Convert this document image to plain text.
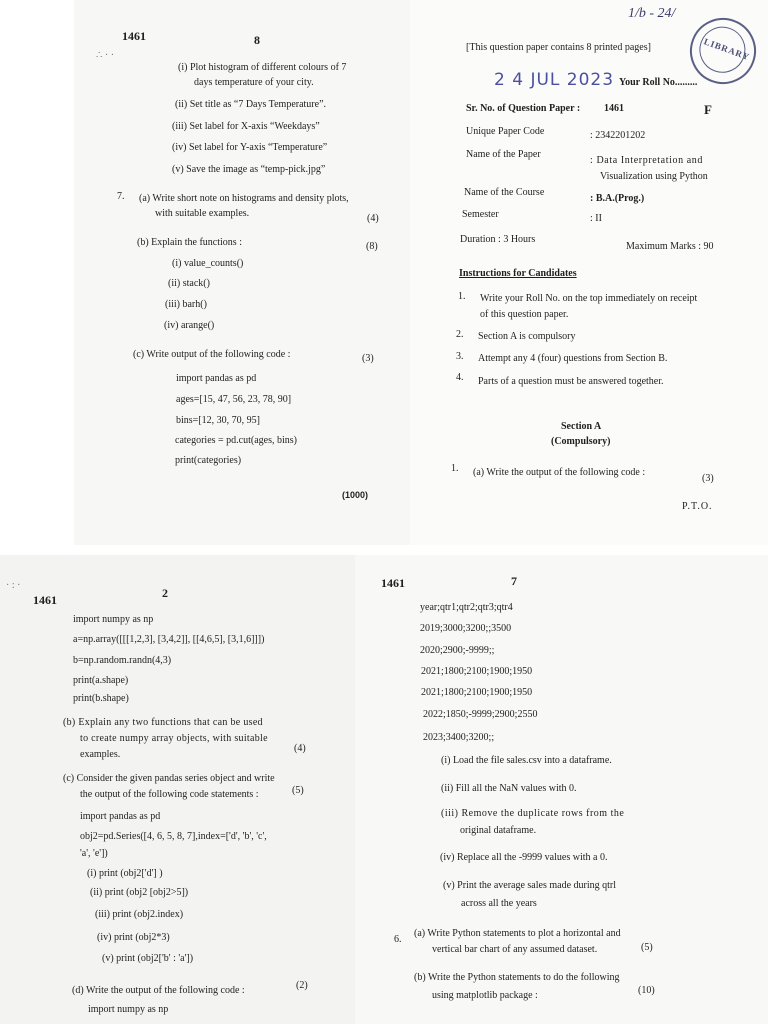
1461	8
∴ · ·
(i) Plot histogram of different colours of 7
days temperature of your city.
(ii) Set title as “7 Days Temperature”.
(iii) Set label for X-axis “Weekdays”
(iv) Set label for Y-axis “Temperature”
(v) Save the image as “temp-pick.jpg”
7. (a) Write short note on histograms and density plots,
with suitable examples.	(4)
(b) Explain the functions :	(8)
(i) value_counts()
(ii) stack()
(iii) barh()
(iv) arange()
(c) Write output of the following code :	(3)
import pandas as pd
ages=[15, 47, 56, 23, 78, 90]
bins=[12, 30, 70, 95]
categories = pd.cut(ages, bins)
print(categories)
(1000)
1/b - 24/
LIBRARY
[This question paper contains 8 printed pages]
2 4 JUL 2023 Your Roll No.........
Sr. No. of Question Paper : 1461	F
Unique Paper Code	: 2342201202
Name of the Paper
: Data Interpretation and
Visualization using Python
Name of the Course
: B.A.(Prog.)
Semester	: II
Duration : 3 Hours
Maximum Marks : 90
Instructions for Candidates
1. Write your Roll No. on the top immediately on receipt
of this question paper.
2. Section A is compulsory
3. Attempt any 4 (four) questions from Section B.
4. Parts of a question must be answered together.
Section A
(Compulsory)
1. (a) Write the output of the following code :
(3)
P.T.O.
· : ·
1461	2
import numpy as np
a=np.array([[[1,2,3], [3,4,2]], [[4,6,5], [3,1,6]]])
b=np.random.randn(4,3)
print(a.shape)
print(b.shape)
(b) Explain any two functions that can be used
to create numpy array objects, with suitable
examples.
(4)
(c) Consider the given pandas series object and write
the output of the following code statements :	(5)
import pandas as pd
obj2=pd.Series([4, 6, 5, 8, 7],index=['d', 'b', 'c',
'a', 'e'])
(i) print (obj2['d'] )
(ii) print (obj2 [obj2>5])
(iii) print (obj2.index)
(iv) print (obj2*3)
(v) print (obj2['b' : 'a'])
(d) Write the output of the following code :	(2)
import numpy as np
1461	7
year;qtr1;qtr2;qtr3;qtr4
2019;3000;3200;;3500
2020;2900;-9999;;
2021;1800;2100;1900;1950
2021;1800;2100;1900;1950
2022;1850;-9999;2900;2550
2023;3400;3200;;
(i) Load the file sales.csv into a dataframe.
(ii) Fill all the NaN values with 0.
(iii) Remove the duplicate rows from the
original dataframe.
(iv) Replace all the -9999 values with a 0.
(v) Print the average sales made during qtrl
across all the years
6.
(a) Write Python statements to plot a horizontal and
vertical bar chart of any assumed dataset.	(5)
(b) Write the Python statements to do the following
using matplotlib package :	(10)
